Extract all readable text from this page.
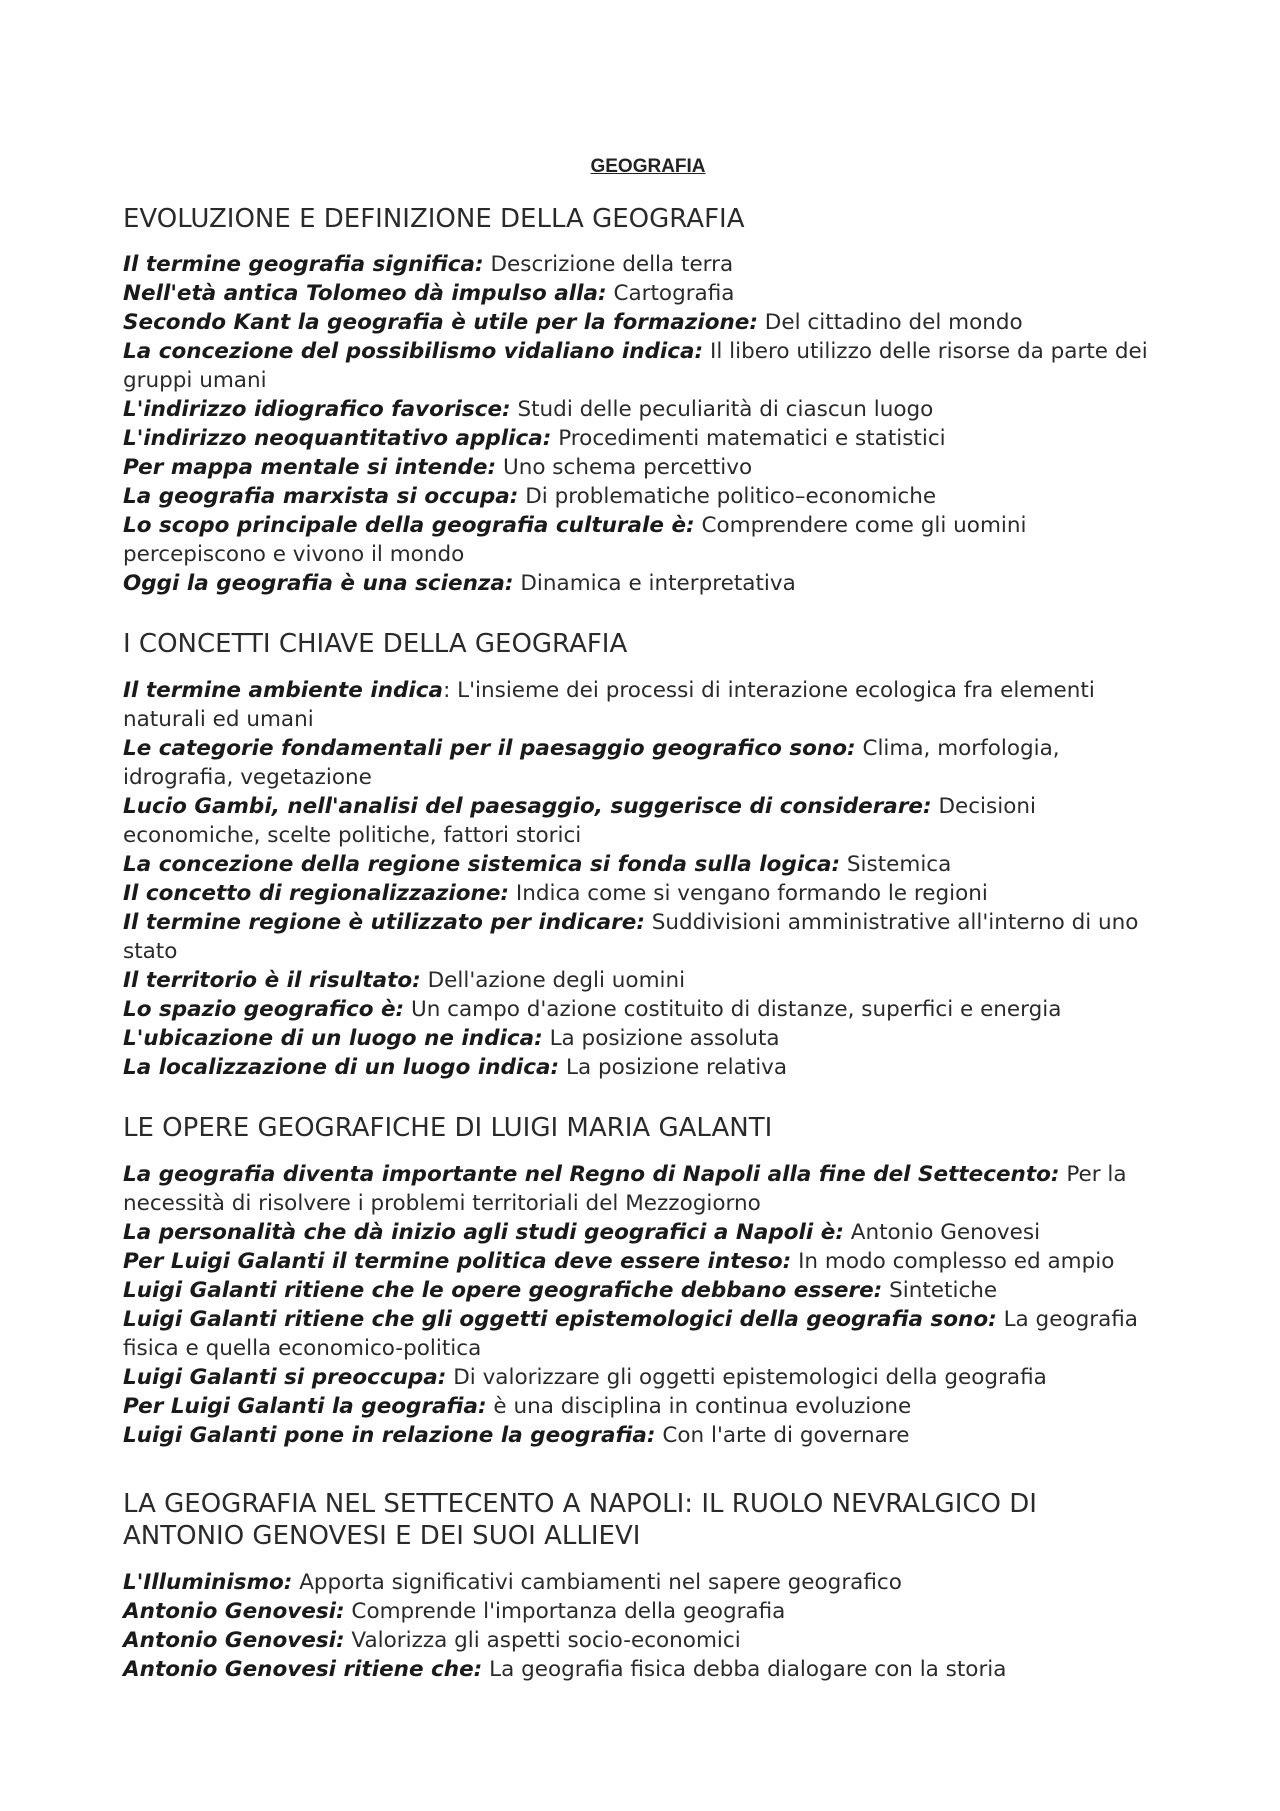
GEOGRAFIA
EVOLUZIONE E DEFINIZIONE DELLA GEOGRAFIA

Il termine geografia significa: Descrizione della terra

Nell'età antica Tolomeo dà impulso alla: Cartografia

Secondo Kant la geografia è utile per la formazione: Del cittadino del mondo

La concezione del possibilismo vidaliano indica: Il libero utilizzo delle risorse da parte dei gruppi umani

L'indirizzo idiografico favorisce: Studi delle peculiarità di ciascun luogo

L'indirizzo neoquantitativo applica: Procedimenti matematici e statistici

Per mappa mentale si intende: Uno schema percettivo

La geografia marxista si occupa: Di problematiche politico–economiche

Lo scopo principale della geografia culturale è: Comprendere come gli uomini percepiscono e vivono il mondo

Oggi la geografia è una scienza: Dinamica e interpretativa

I CONCETTI CHIAVE DELLA GEOGRAFIA

Il termine ambiente indica: L'insieme dei processi di interazione ecologica fra elementi naturali ed umani

Le categorie fondamentali per il paesaggio geografico sono: Clima, morfologia, idrografia, vegetazione

Lucio Gambi, nell'analisi del paesaggio, suggerisce di considerare: Decisioni economiche, scelte politiche, fattori storici

La concezione della regione sistemica si fonda sulla logica: Sistemica

Il concetto di regionalizzazione: Indica come si vengano formando le regioni

Il termine regione è utilizzato per indicare: Suddivisioni amministrative all'interno di uno stato

Il territorio è il risultato: Dell'azione degli uomini

Lo spazio geografico è: Un campo d'azione costituito di distanze, superfici e energia

L'ubicazione di un luogo ne indica: La posizione assoluta

La localizzazione di un luogo indica: La posizione relativa

LE OPERE GEOGRAFICHE DI LUIGI MARIA GALANTI

La geografia diventa importante nel Regno di Napoli alla fine del Settecento: Per la necessità di risolvere i problemi territoriali del Mezzogiorno

La personalità che dà inizio agli studi geografici a Napoli è: Antonio Genovesi

Per Luigi Galanti il termine politica deve essere inteso: In modo complesso ed ampio

Luigi Galanti ritiene che le opere geografiche debbano essere: Sintetiche

Luigi Galanti ritiene che gli oggetti epistemologici della geografia sono: La geografia fisica e quella economico-politica

Luigi Galanti si preoccupa: Di valorizzare gli oggetti epistemologici della geografia

Per Luigi Galanti la geografia: è una disciplina in continua evoluzione

Luigi Galanti pone in relazione la geografia: Con l'arte di governare

LA GEOGRAFIA NEL SETTECENTO A NAPOLI: IL RUOLO NEVRALGICO DI
ANTONIO GENOVESI E DEI SUOI ALLIEVI

L'Illuminismo: Apporta significativi cambiamenti nel sapere geografico

Antonio Genovesi: Comprende l'importanza della geografia

Antonio Genovesi: Valorizza gli aspetti socio-economici

Antonio Genovesi ritiene che: La geografia fisica debba dialogare con la storia
